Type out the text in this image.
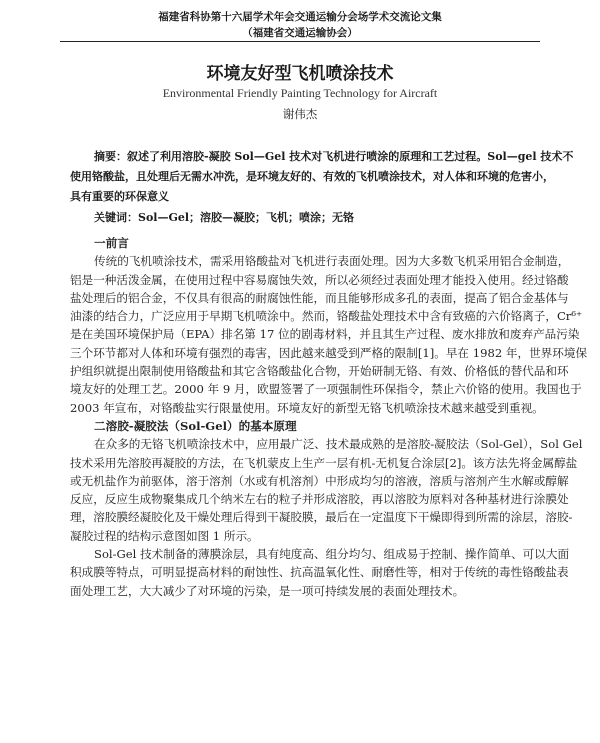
福建省科协第十六届学术年会交通运输分会场学术交流论文集
（福建省交通运输协会）
环境友好型飞机喷涂技术
Environmental Friendly Painting Technology for Aircraft
谢伟杰
摘要：叙述了利用溶胶-凝胶 Sol—Gel 技术对飞机进行喷涂的原理和工艺过程。Sol—gel 技术不
使用铬酸盐，且处理后无需水冲洗，是环境友好的、有效的飞机喷涂技术，对人体和环境的危害小，
具有重要的环保意义
关键词：Sol—Gel；溶胶—凝胶；飞机；喷涂；无铬
一前言
传统的飞机喷涂技术，需采用铬酸盐对飞机进行表面处理。因为大多数飞机采用铝合金制造，
铝是一种活泼金属，在使用过程中容易腐蚀失效，所以必须经过表面处理才能投入使用。经过铬酸
盐处理后的铝合金，不仅具有很高的耐腐蚀性能，而且能够形成多孔的表面，提高了铝合金基体与
油漆的结合力，广泛应用于早期飞机喷涂中。然而，铬酸盐处理技术中含有致癌的六价铬离子，Cr⁶⁺
是在美国环境保护局（EPA）排名第 17 位的剧毒材料，并且其生产过程、废水排放和废弃产品污染
三个环节都对人体和环境有强烈的毒害，因此越来越受到严格的限制[1]。早在 1982 年，世界环境保
护组织就提出限制使用铬酸盐和其它含铬酸盐化合物，开始研制无铬、有效、价格低的替代品和环
境友好的处理工艺。2000 年 9 月，欧盟签署了一项强制性环保指令，禁止六价铬的使用。我国也于
2003 年宣布，对铬酸盐实行限量使用。环境友好的新型无铬飞机喷涂技术越来越受到重视。
二溶胶-凝胶法（Sol-Gel）的基本原理
在众多的无铬飞机喷涂技术中，应用最广泛、技术最成熟的是溶胶-凝胶法（Sol-Gel），Sol Gel
技术采用先溶胶再凝胶的方法，在飞机蒙皮上生产一层有机-无机复合涂层[2]。该方法先将金属醇盐
或无机盐作为前驱体，溶于溶剂（水或有机溶剂）中形成均匀的溶液，溶质与溶剂产生水解或醇解
反应，反应生成物聚集成几个纳米左右的粒子并形成溶胶，再以溶胶为原料对各种基材进行涂膜处
理，溶胶膜经凝胶化及干燥处理后得到干凝胶膜，最后在一定温度下干燥即得到所需的涂层，溶胶-
凝胶过程的结构示意图如图 1 所示。
Sol-Gel 技术制备的薄膜涂层，具有纯度高、组分均匀、组成易于控制、操作简单、可以大面
积成膜等特点，可明显提高材料的耐蚀性、抗高温氧化性、耐磨性等，相对于传统的毒性铬酸盐表
面处理工艺，大大减少了对环境的污染，是一项可持续发展的表面处理技术。
